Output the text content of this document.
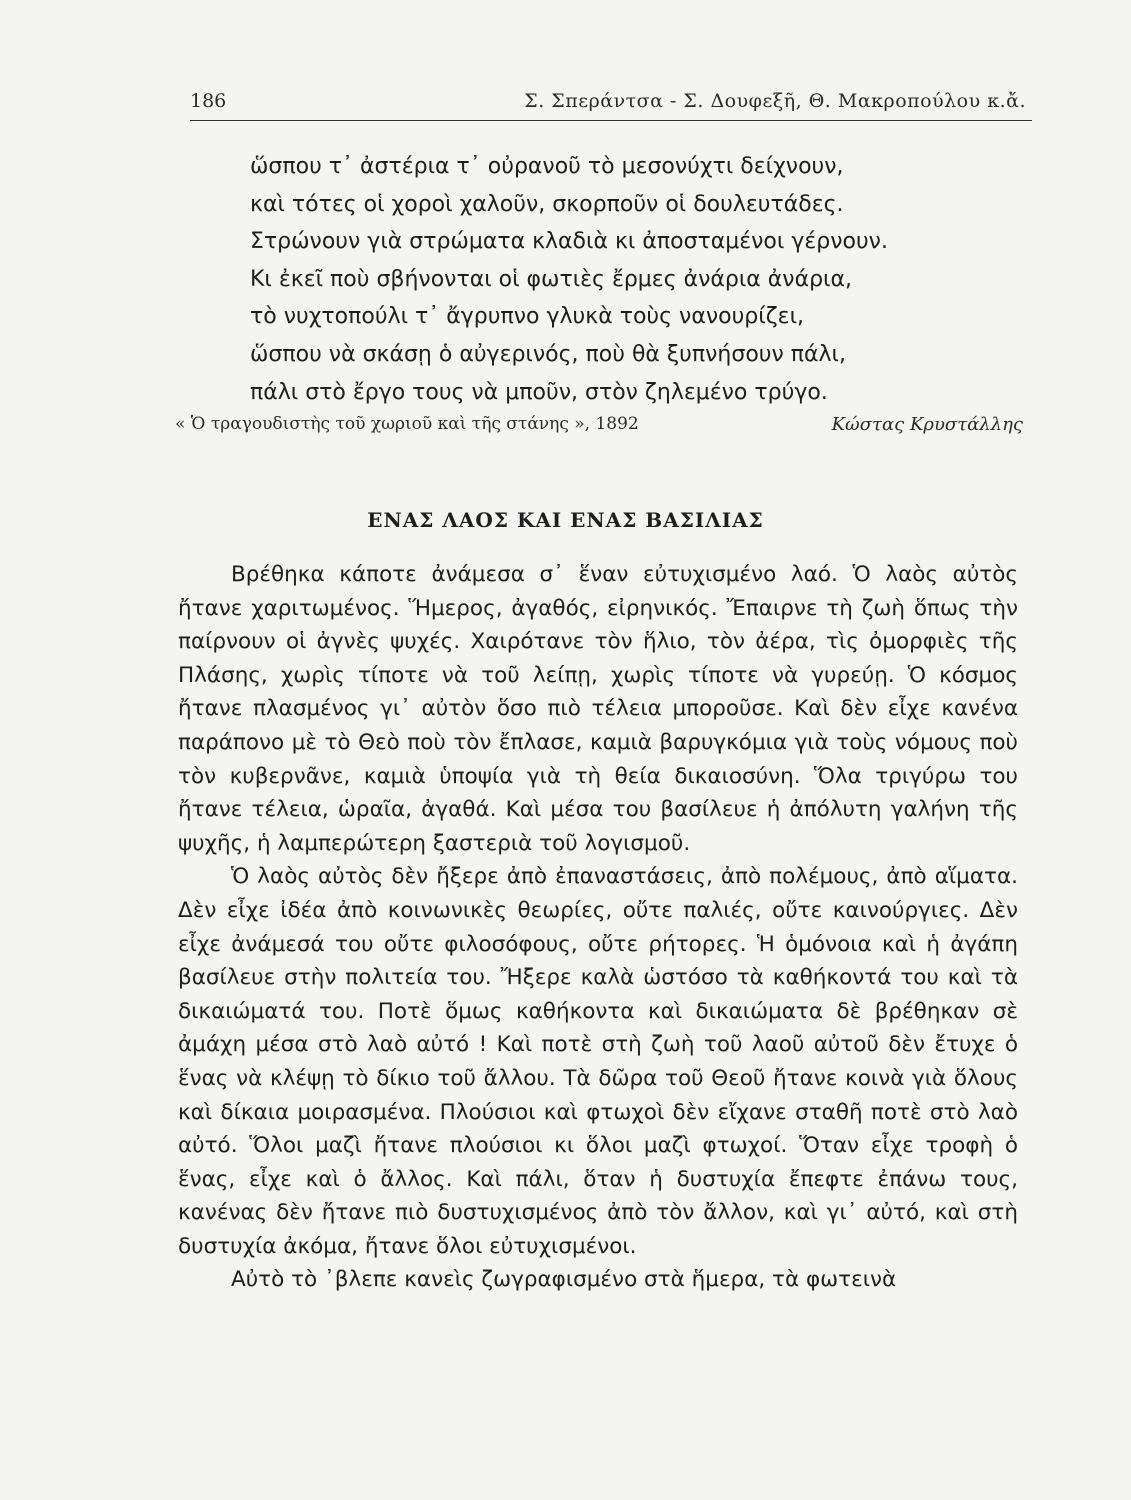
186	Σ. Σπεράντσα - Σ. Δουφεξῆ, Θ. Μακροπούλου κ.ἄ.
ὥσπου τ᾽ ἀστέρια τ᾽ οὐρανοῦ τὸ μεσονύχτι δείχνουν,
καὶ τότες οἱ χοροὶ χαλοῦν, σκορποῦν οἱ δουλευτάδες.
Στρώνουν γιὰ στρώματα κλαδιὰ κι ἀποσταμένοι γέρνουν.
Κι ἐκεῖ ποὺ σβήνονται οἱ φωτιὲς ἔρμες ἀνάρια ἀνάρια,
τὸ νυχτοπούλι τ᾽ ἄγρυπνο γλυκὰ τοὺς νανουρίζει,
ὥσπου νὰ σκάσῃ ὁ αὐγερινός, ποὺ θὰ ξυπνήσουν πάλι,
πάλι στὸ ἔργο τους νὰ μποῦν, στὸν ζηλεμένο τρύγο.
« Ὁ τραγουδιστὴς τοῦ χωριοῦ καὶ τῆς στάνης », 1892	Κώστας Κρυστάλλης
ΕΝΑΣ ΛΑΟΣ ΚΑΙ ΕΝΑΣ ΒΑΣΙΛΙΑΣ

Βρέθηκα κάποτε ἀνάμεσα σ᾽ ἕναν εὐτυχισμένο λαό. Ὁ λαὸς αὐτὸς ἤτανε χαριτωμένος. Ἥμερος, ἀγαθός, εἰρηνικός. Ἔπαιρνε τὴ ζωὴ ὅπως τὴν παίρνουν οἱ ἀγνὲς ψυχές. Χαιρότανε τὸν ἥλιο, τὸν ἀέρα, τὶς ὀμορφιὲς τῆς Πλάσης, χωρὶς τίποτε νὰ τοῦ λείπῃ, χωρὶς τίποτε νὰ γυρεύῃ. Ὁ κόσμος ἤτανε πλασμένος γι᾽ αὐτὸν ὅσο πιὸ τέλεια μποροῦσε. Καὶ δὲν εἶχε κανένα παράπονο μὲ τὸ Θεὸ ποὺ τὸν ἔπλασε, καμιὰ βαρυγκόμια γιὰ τοὺς νόμους ποὺ τὸν κυβερνᾶνε, καμιὰ ὑποψία γιὰ τὴ θεία δικαιοσύνη. Ὅλα τριγύρω του ἤτανε τέλεια, ὡραῖα, ἀγαθά. Καὶ μέσα του βασίλευε ἡ ἀπόλυτη γαλήνη τῆς ψυχῆς, ἡ λαμπερώτερη ξαστεριὰ τοῦ λογισμοῦ.

Ὁ λαὸς αὐτὸς δὲν ἤξερε ἀπὸ ἐπαναστάσεις, ἀπὸ πολέμους, ἀπὸ αἵματα. Δὲν εἶχε ἰδέα ἀπὸ κοινωνικὲς θεωρίες, οὔτε παλιές, οὔτε καινούργιες. Δὲν εἶχε ἀνάμεσά του οὔτε φιλοσόφους, οὔτε ρήτορες. Ἡ ὁμόνοια καὶ ἡ ἀγάπη βασίλευε στὴν πολιτεία του. Ἤξερε καλὰ ὡστόσο τὰ καθήκοντά του καὶ τὰ δικαιώματά του. Ποτὲ ὅμως καθήκοντα καὶ δικαιώματα δὲ βρέθηκαν σὲ ἀμάχη μέσα στὸ λαὸ αὐτό ! Καὶ ποτὲ στὴ ζωὴ τοῦ λαοῦ αὐτοῦ δὲν ἔτυχε ὁ ἕνας νὰ κλέψῃ τὸ δίκιο τοῦ ἄλλου. Τὰ δῶρα τοῦ Θεοῦ ἤτανε κοινὰ γιὰ ὅλους καὶ δίκαια μοιρασμένα. Πλούσιοι καὶ φτωχοὶ δὲν εἴχανε σταθῆ ποτὲ στὸ λαὸ αὐτό. Ὅλοι μαζὶ ἤτανε πλούσιοι κι ὅλοι μαζὶ φτωχοί. Ὅταν εἶχε τροφὴ ὁ ἕνας, εἶχε καὶ ὁ ἄλλος. Καὶ πάλι, ὅταν ἡ δυστυχία ἔπεφτε ἐπάνω τους, κανένας δὲν ἤτανε πιὸ δυστυχισμένος ἀπὸ τὸν ἄλλον, καὶ γι᾽ αὐτό, καὶ στὴ δυστυχία ἀκόμα, ἤτανε ὅλοι εὐτυχισμένοι.

Αὐτὸ τὸ ᾽βλεπε κανεὶς ζωγραφισμένο στὰ ἥμερα, τὰ φωτεινὰ
